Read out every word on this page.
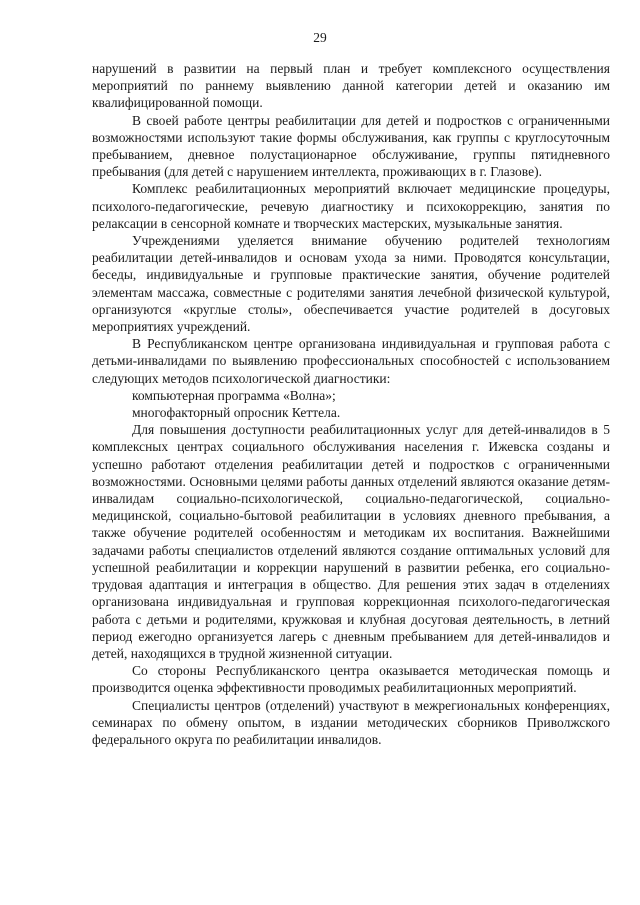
29

нарушений в развитии на первый план и требует комплексного осуществления мероприятий по раннему выявлению данной категории детей и оказанию им квалифицированной помощи.

В своей работе центры реабилитации для детей и подростков с ограниченными возможностями используют такие формы обслуживания, как группы с круглосуточным пребыванием, дневное полустационарное обслуживание, группы пятидневного пребывания (для детей с нарушением интеллекта, проживающих в г. Глазове).

Комплекс реабилитационных мероприятий включает медицинские процедуры, психолого-педагогические, речевую диагностику и психокоррекцию, занятия по релаксации в сенсорной комнате и творческих мастерских, музыкальные занятия.

Учреждениями уделяется внимание обучению родителей технологиям реабилитации детей-инвалидов и основам ухода за ними. Проводятся консультации, беседы, индивидуальные и групповые практические занятия, обучение родителей элементам массажа, совместные с родителями занятия лечебной физической культурой, организуются «круглые столы», обеспечивается участие родителей в досуговых мероприятиях учреждений.

В Республиканском центре организована индивидуальная и групповая работа с детьми-инвалидами по выявлению профессиональных способностей с использованием следующих методов психологической диагностики:

компьютерная программа «Волна»;

многофакторный опросник Кеттела.

Для повышения доступности реабилитационных услуг для детей-инвалидов в 5 комплексных центрах социального обслуживания населения г. Ижевска созданы и успешно работают отделения реабилитации детей и подростков с ограниченными возможностями. Основными целями работы данных отделений являются оказание детям-инвалидам социально-психологической, социально-педагогической, социально-медицинской, социально-бытовой реабилитации в условиях дневного пребывания, а также обучение родителей особенностям и методикам их воспитания. Важнейшими задачами работы специалистов отделений являются создание оптимальных условий для успешной реабилитации и коррекции нарушений в развитии ребенка, его социально-трудовая адаптация и интеграция в общество. Для решения этих задач в отделениях организована индивидуальная и групповая коррекционная психолого-педагогическая работа с детьми и родителями, кружковая и клубная досуговая деятельность, в летний период ежегодно организуется лагерь с дневным пребыванием для детей-инвалидов и детей, находящихся в трудной жизненной ситуации.

Со стороны Республиканского центра оказывается методическая помощь и производится оценка эффективности проводимых реабилитационных мероприятий.

Специалисты центров (отделений) участвуют в межрегиональных конференциях, семинарах по обмену опытом, в издании методических сборников Приволжского федерального округа по реабилитации инвалидов.
